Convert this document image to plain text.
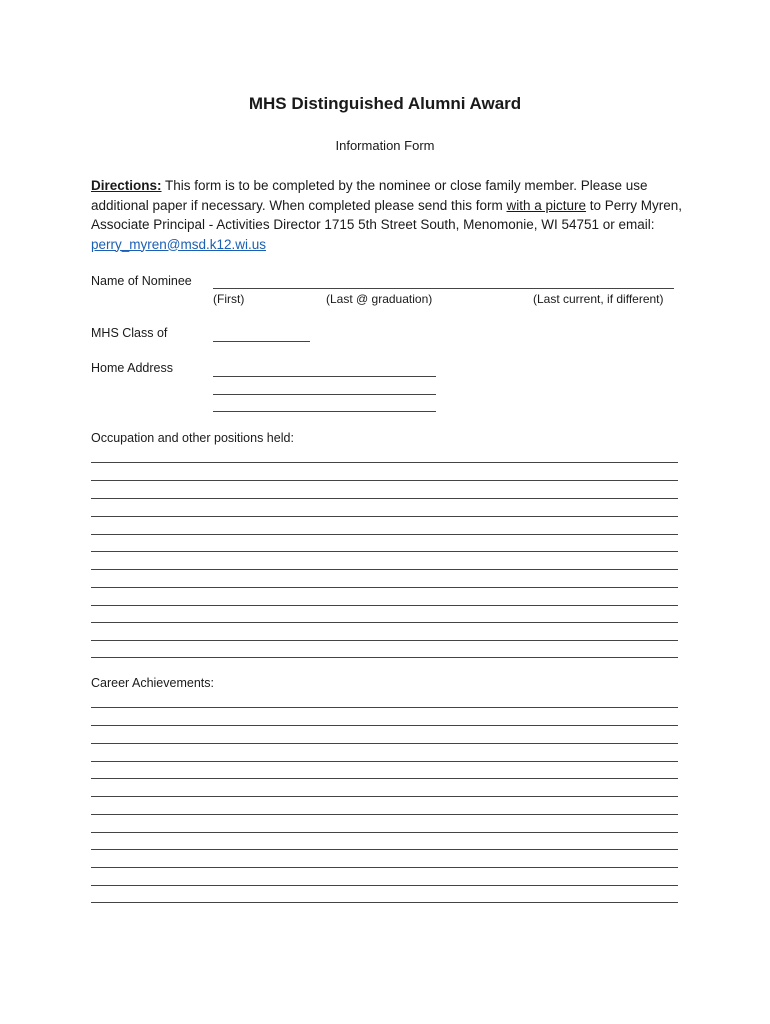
MHS Distinguished Alumni Award
Information Form
Directions: This form is to be completed by the nominee or close family member. Please use additional paper if necessary. When completed please send this form with a picture to Perry Myren, Associate Principal - Activities Director 1715 5th Street South, Menomonie, WI 54751 or email: perry_myren@msd.k12.wi.us
Name of Nominee
(First)	(Last @ graduation)	(Last current, if different)
MHS Class of
Home Address
Occupation and other positions held:
Career Achievements:
